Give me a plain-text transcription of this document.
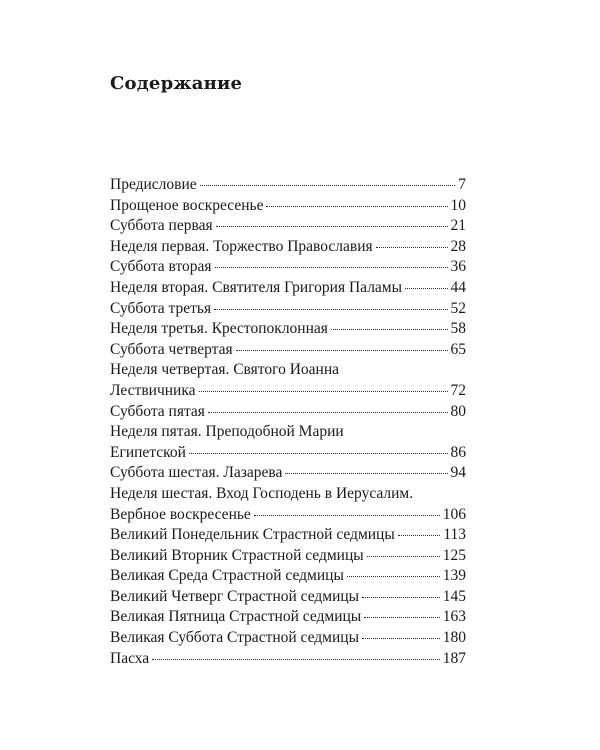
Содержание
Предисловие	7
Прощеное воскресенье	10
Суббота первая	21
Неделя первая. Торжество Православия	28
Суббота вторая	36
Неделя вторая. Святителя Григория Паламы	44
Суббота третья	52
Неделя третья. Крестопоклонная	58
Суббота четвертая	65
Неделя четвертая. Святого Иоанна
Лествичника	72
Суббота пятая	80
Неделя пятая. Преподобной Марии
Египетской	86
Суббота шестая. Лазарева	94
Неделя шестая. Вход Господень в Иерусалим.
Вербное воскресенье	106
Великий Понедельник Страстной седмицы	113
Великий Вторник Страстной седмицы	125
Великая Среда Страстной седмицы	139
Великий Четверг Страстной седмицы	145
Великая Пятница Страстной седмицы	163
Великая Суббота Страстной седмицы	180
Пасха	187
